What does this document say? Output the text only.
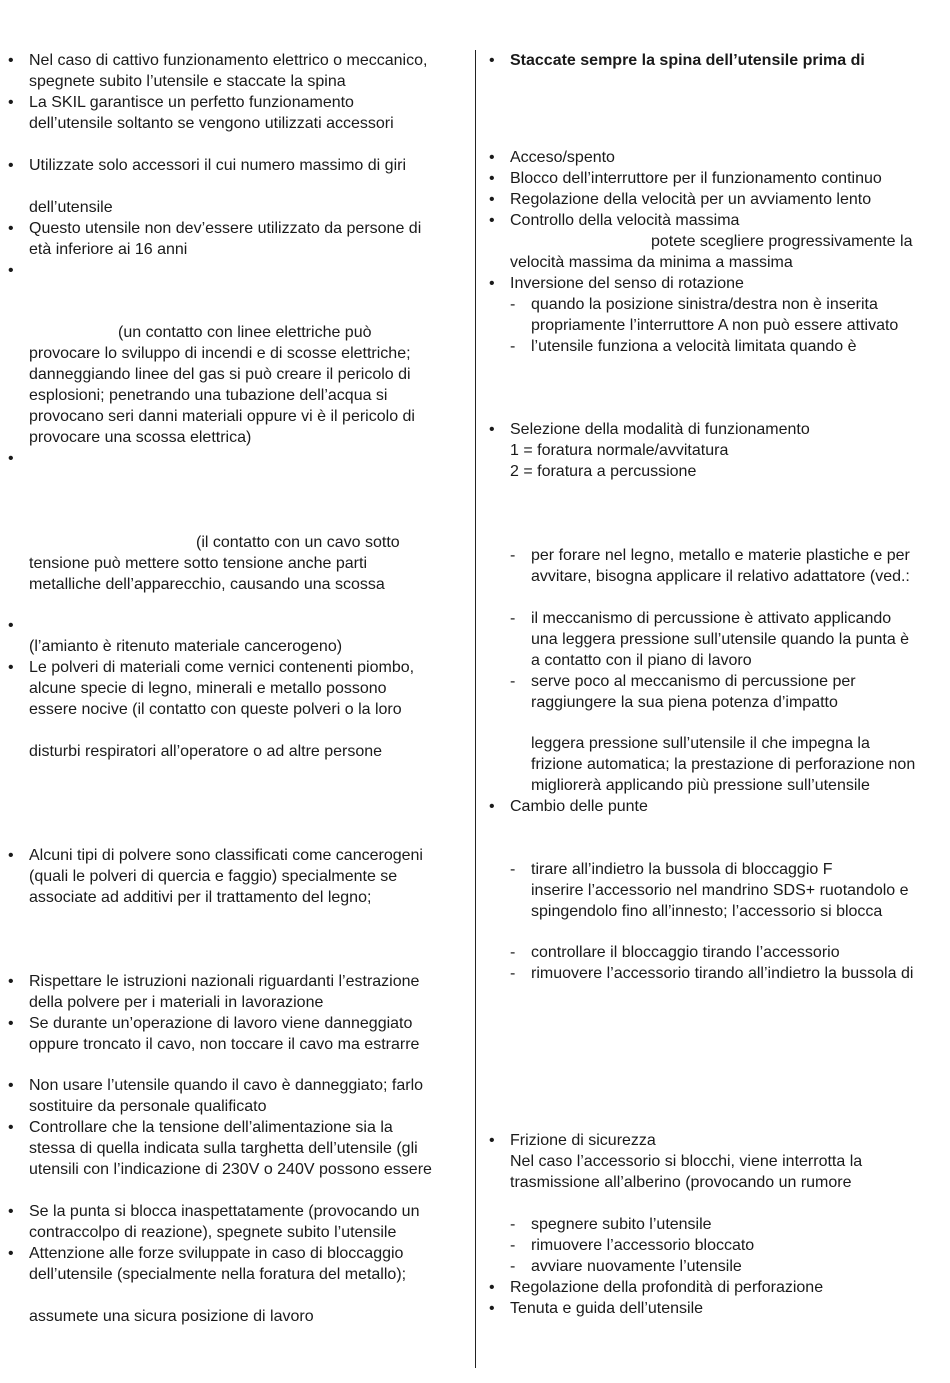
• Nel caso di cattivo funzionamento elettrico o meccanico,
spegnete subito l’utensile e staccate la spina
• La SKIL garantisce un perfetto funzionamento
dell’utensile soltanto se vengono utilizzati accessori
• Utilizzate solo accessori il cui numero massimo di giri
dell’utensile
• Questo utensile non dev’essere utilizzato da persone di
età inferiore ai 16 anni
•
(un contatto con linee elettriche può
provocare lo sviluppo di incendi e di scosse elettriche;
danneggiando linee del gas si può creare il pericolo di
esplosioni; penetrando una tubazione dell’acqua si
provocano seri danni materiali oppure vi è il pericolo di
provocare una scossa elettrica)
•
(il contatto con un cavo sotto
tensione può mettere sotto tensione anche parti
metalliche dell’apparecchio, causando una scossa
•
(l’amianto è ritenuto materiale cancerogeno)
• Le polveri di materiali come vernici contenenti piombo,
alcune specie di legno, minerali e metallo possono
essere nocive (il contatto con queste polveri o la loro
disturbi respiratori all’operatore o ad altre persone
• Alcuni tipi di polvere sono classificati come cancerogeni
(quali le polveri di quercia e faggio) specialmente se
associate ad additivi per il trattamento del legno;
• Rispettare le istruzioni nazionali riguardanti l’estrazione
della polvere per i materiali in lavorazione
• Se durante un’operazione di lavoro viene danneggiato
oppure troncato il cavo, non toccare il cavo ma estrarre
• Non usare l’utensile quando il cavo è danneggiato; farlo
sostituire da personale qualificato
• Controllare che la tensione dell’alimentazione sia la
stessa di quella indicata sulla targhetta dell’utensile (gli
utensili con l’indicazione di 230V o 240V possono essere
• Se la punta si blocca inaspettatamente (provocando un
contraccolpo di reazione), spegnete subito l’utensile
• Attenzione alle forze sviluppate in caso di bloccaggio
dell’utensile (specialmente nella foratura del metallo);
assumete una sicura posizione di lavoro
• Staccate sempre la spina dell’utensile prima di
• Acceso/spento
• Blocco dell’interruttore per il funzionamento continuo
• Regolazione della velocità per un avviamento lento
• Controllo della velocità massima
potete scegliere progressivamente la
velocità massima da minima a massima
• Inversione del senso di rotazione
- quando la posizione sinistra/destra non è inserita
propriamente l’interruttore A non può essere attivato
- l’utensile funziona a velocità limitata quando è
• Selezione della modalità di funzionamento
1 = foratura normale/avvitatura
2 = foratura a percussione
- per forare nel legno, metallo e materie plastiche e per
avvitare, bisogna applicare il relativo adattatore (ved.:
- il meccanismo di percussione è attivato applicando
una leggera pressione sull’utensile quando la punta è
a contatto con il piano di lavoro
- serve poco al meccanismo di percussione per
raggiungere la sua piena potenza d’impatto
leggera pressione sull’utensile il che impegna la
frizione automatica; la prestazione di perforazione non
migliorerà applicando più pressione sull’utensile
• Cambio delle punte
- tirare all’indietro la bussola di bloccaggio F
inserire l’accessorio nel mandrino SDS+ ruotandolo e
spingendolo fino all’innesto; l’accessorio si blocca
- controllare il bloccaggio tirando l’accessorio
- rimuovere l’accessorio tirando all’indietro la bussola di
• Frizione di sicurezza
Nel caso l’accessorio si blocchi, viene interrotta la
trasmissione all’alberino (provocando un rumore
- spegnere subito l’utensile
- rimuovere l’accessorio bloccato
- avviare nuovamente l’utensile
• Regolazione della profondità di perforazione
• Tenuta e guida dell’utensile
